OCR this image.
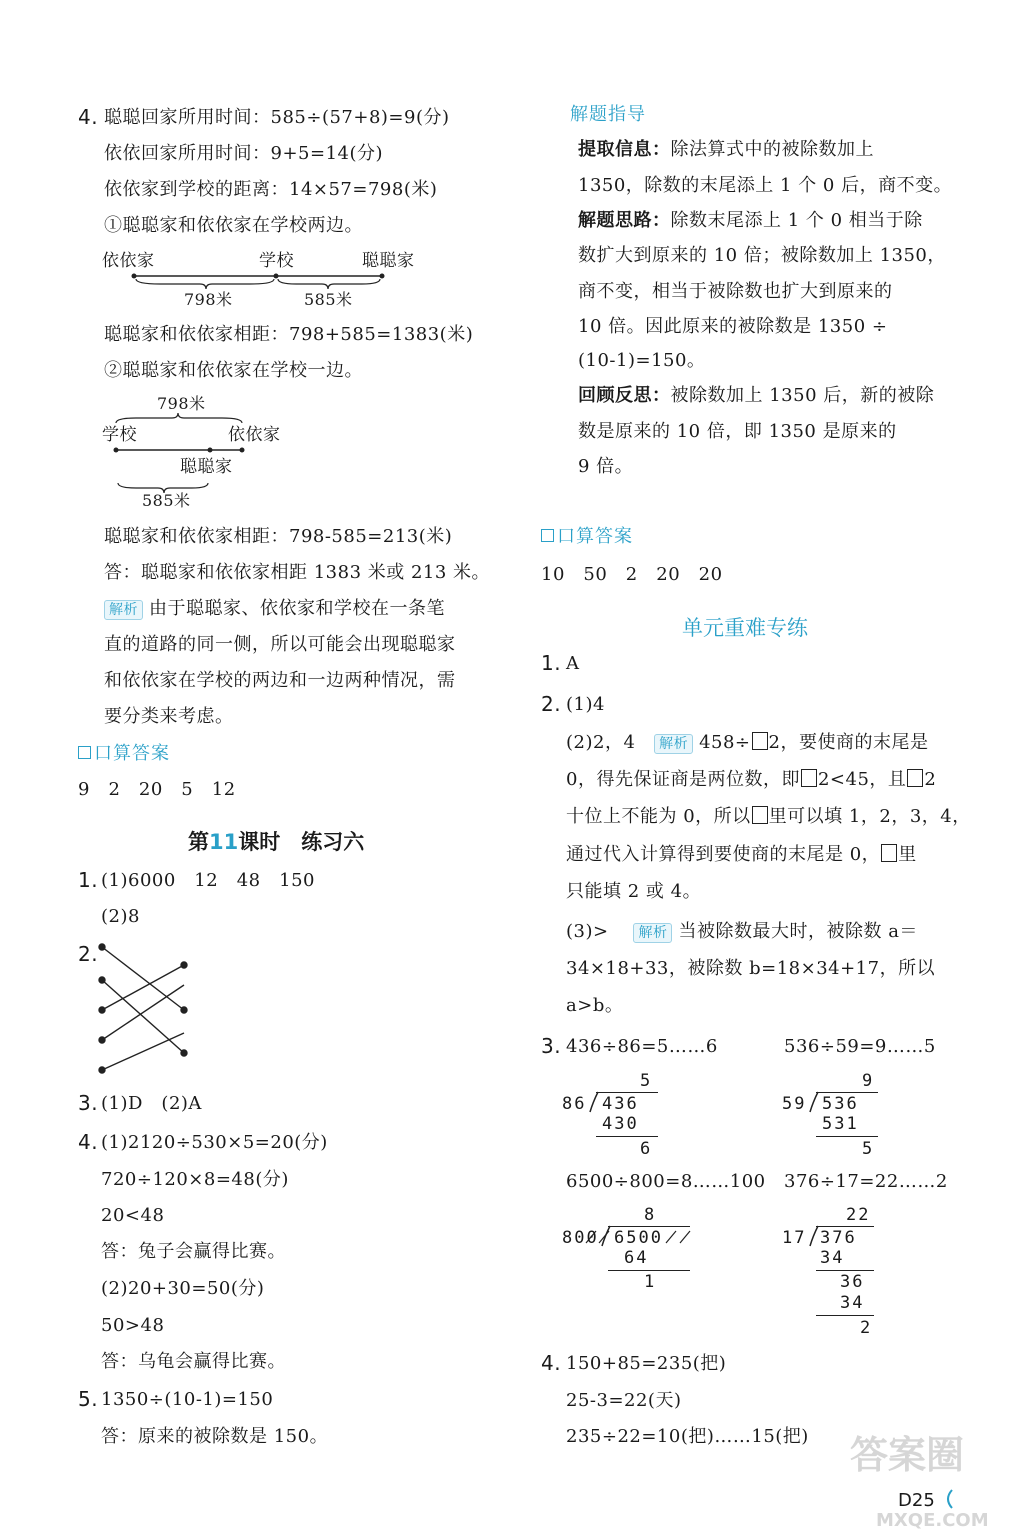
4. 聪聪回家所用时间：585÷(57+8)=9(分)
依依回家所用时间：9+5=14(分)
依依家到学校的距离：14×57=798(米)
①聪聪家和依依家在学校两边。
依依家	学校	聪聪家
798米	585米
聪聪家和依依家相距：798+585=1383(米)
②聪聪家和依依家在学校一边。
798米
学校	依依家
聪聪家
585米
聪聪家和依依家相距：798-585=213(米)
答：聪聪家和依依家相距 1383 米或 213 米。
解析 由于聪聪家、依依家和学校在一条笔
直的道路的同一侧，所以可能会出现聪聪家
和依依家在学校的两边和一边两种情况，需
要分类来考虑。
口算答案
9　2　20　5　12
第11课时　练习六
1. (1)6000　12　48　150
(2)8
2.
3. (1)D　(2)A
4. (1)2120÷530×5=20(分)
720÷120×8=48(分)
20<48
答：兔子会赢得比赛。
(2)20+30=50(分)
50>48
答：乌龟会赢得比赛。
5. 1350÷(10-1)=150
答：原来的被除数是 150。
解题指导
提取信息：除法算式中的被除数加上
1350，除数的末尾添上 1 个 0 后，商不变。
解题思路：除数末尾添上 1 个 0 相当于除
数扩大到原来的 10 倍；被除数加上 1350，
商不变，相当于被除数也扩大到原来的
10 倍。因此原来的被除数是 1350 ÷
(10-1)=150。
回顾反思：被除数加上 1350 后，新的被除
数是原来的 10 倍，即 1350 是原来的
9 倍。
口算答案
10　50　2　20　20
单元重难专练
1. A
2. (1)4
(2)2，4 解析 458÷ 2，要使商的末尾是
0，得先保证商是两位数，即 2<45，且 2
十位上不能为 0，所以 里可以填 1，2，3，4，
通过代入计算得到要使商的末尾是 0， 里
只能填 2 或 4。
(3)> 解析 当被除数最大时，被除数 a＝
34×18+33，被除数 b=18×34+17，所以
a>b。
3. 436÷86=5……6	536÷59=9……5
5
86 436
430
6
9
59 536
531
5
6500÷800=8……100 376÷17=22……2
8
800 6500
64
1
22
17 376
34
36
34
2
4. 150+85=235(把)
25-3=22(天)
235÷22=10(把)……15(把)
D25
答案圈
MXQE.COM
